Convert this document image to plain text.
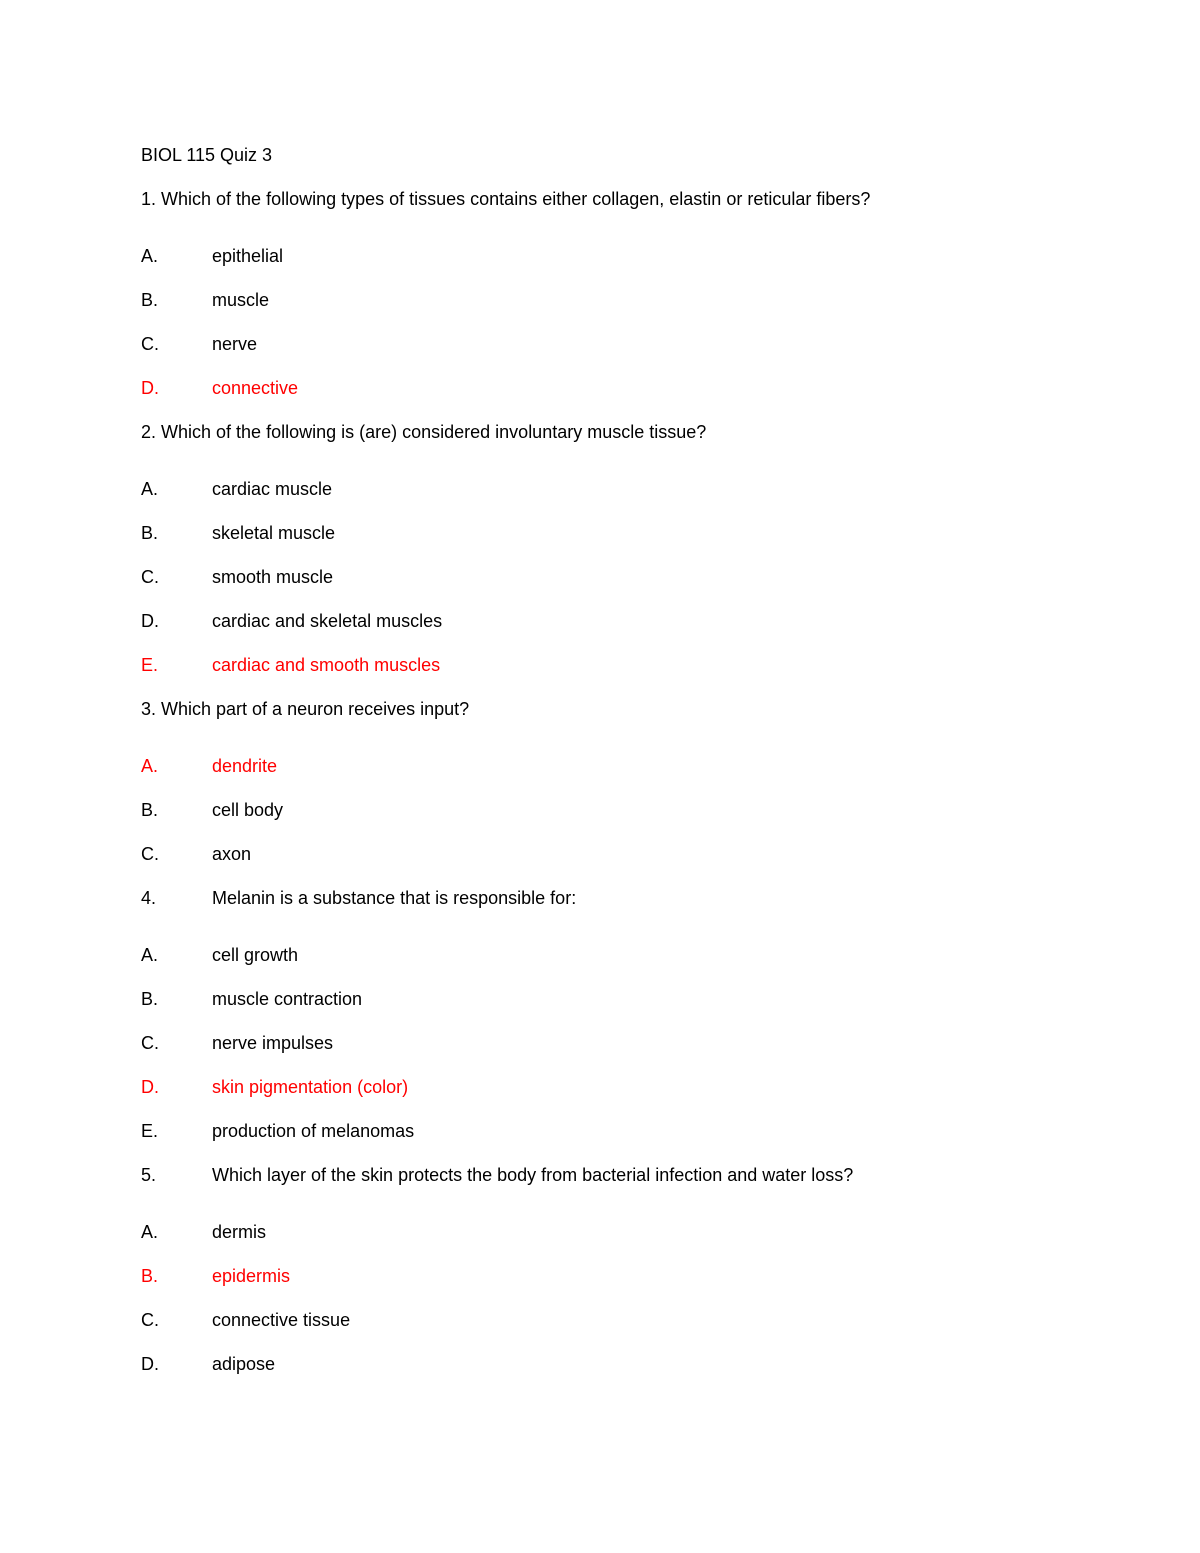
BIOL 115 Quiz 3
1. Which of the following types of tissues contains either collagen, elastin or reticular fibers?
A.	epithelial
B.	muscle
C.	nerve
D.	connective
2. Which of the following is (are) considered involuntary muscle tissue?
A.	cardiac muscle
B.	skeletal muscle
C.	smooth muscle
D.	cardiac and skeletal muscles
E.	cardiac and smooth muscles
3. Which part of a neuron receives input?
A.	dendrite
B.	cell body
C.	axon
4.	Melanin is a substance that is responsible for:
A.	cell growth
B.	muscle contraction
C.	nerve impulses
D.	skin pigmentation (color)
E.	production of melanomas
5.	Which layer of the skin protects the body from bacterial infection and water loss?
A.	dermis
B.	epidermis
C.	connective tissue
D.	adipose
